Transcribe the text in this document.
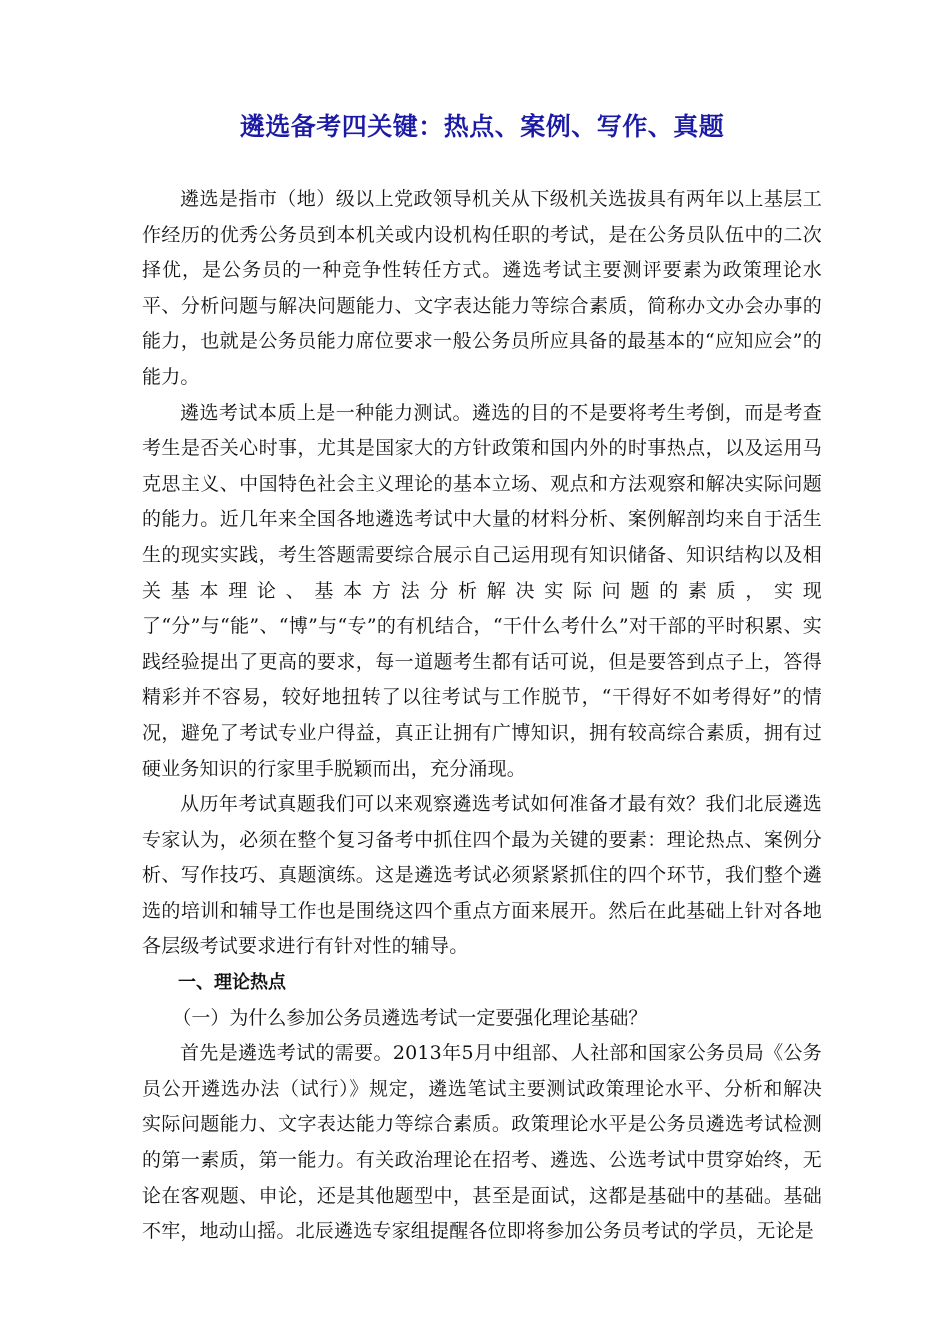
遴选备考四关键：热点、案例、写作、真题

遴选是指市（地）级以上党政领导机关从下级机关选拔具有两年以上基层工作经历的优秀公务员到本机关或内设机构任职的考试，是在公务员队伍中的二次择优，是公务员的一种竞争性转任方式。遴选考试主要测评要素为政策理论水平、分析问题与解决问题能力、文字表达能力等综合素质，简称办文办会办事的能力，也就是公务员能力席位要求一般公务员所应具备的最基本的“应知应会”的能力。

遴选考试本质上是一种能力测试。遴选的目的不是要将考生考倒，而是考查考生是否关心时事，尤其是国家大的方针政策和国内外的时事热点，以及运用马克思主义、中国特色社会主义理论的基本立场、观点和方法观察和解决实际问题的能力。近几年来全国各地遴选考试中大量的材料分析、案例解剖均来自于活生生的现实实践，考生答题需要综合展示自己运用现有知识储备、知识结构以及相关基本理论、基本方法分析解决实际问题的素质，实现了“分”与“能”、“博”与“专”的有机结合，“干什么考什么”对干部的平时积累、实践经验提出了更高的要求，每一道题考生都有话可说，但是要答到点子上，答得精彩并不容易，较好地扭转了以往考试与工作脱节，“干得好不如考得好”的情况，避免了考试专业户得益，真正让拥有广博知识，拥有较高综合素质，拥有过硬业务知识的行家里手脱颖而出，充分涌现。

从历年考试真题我们可以来观察遴选考试如何准备才最有效？我们北辰遴选专家认为，必须在整个复习备考中抓住四个最为关键的要素：理论热点、案例分析、写作技巧、真题演练。这是遴选考试必须紧紧抓住的四个环节，我们整个遴选的培训和辅导工作也是围绕这四个重点方面来展开。然后在此基础上针对各地各层级考试要求进行有针对性的辅导。

一、理论热点

（一）为什么参加公务员遴选考试一定要强化理论基础？

首先是遴选考试的需要。2013年5月中组部、人社部和国家公务员局《公务员公开遴选办法（试行）》规定，遴选笔试主要测试政策理论水平、分析和解决实际问题能力、文字表达能力等综合素质。政策理论水平是公务员遴选考试检测的第一素质，第一能力。有关政治理论在招考、遴选、公选考试中贯穿始终，无论在客观题、申论，还是其他题型中，甚至是面试，这都是基础中的基础。基础不牢，地动山摇。北辰遴选专家组提醒各位即将参加公务员考试的学员，无论是
